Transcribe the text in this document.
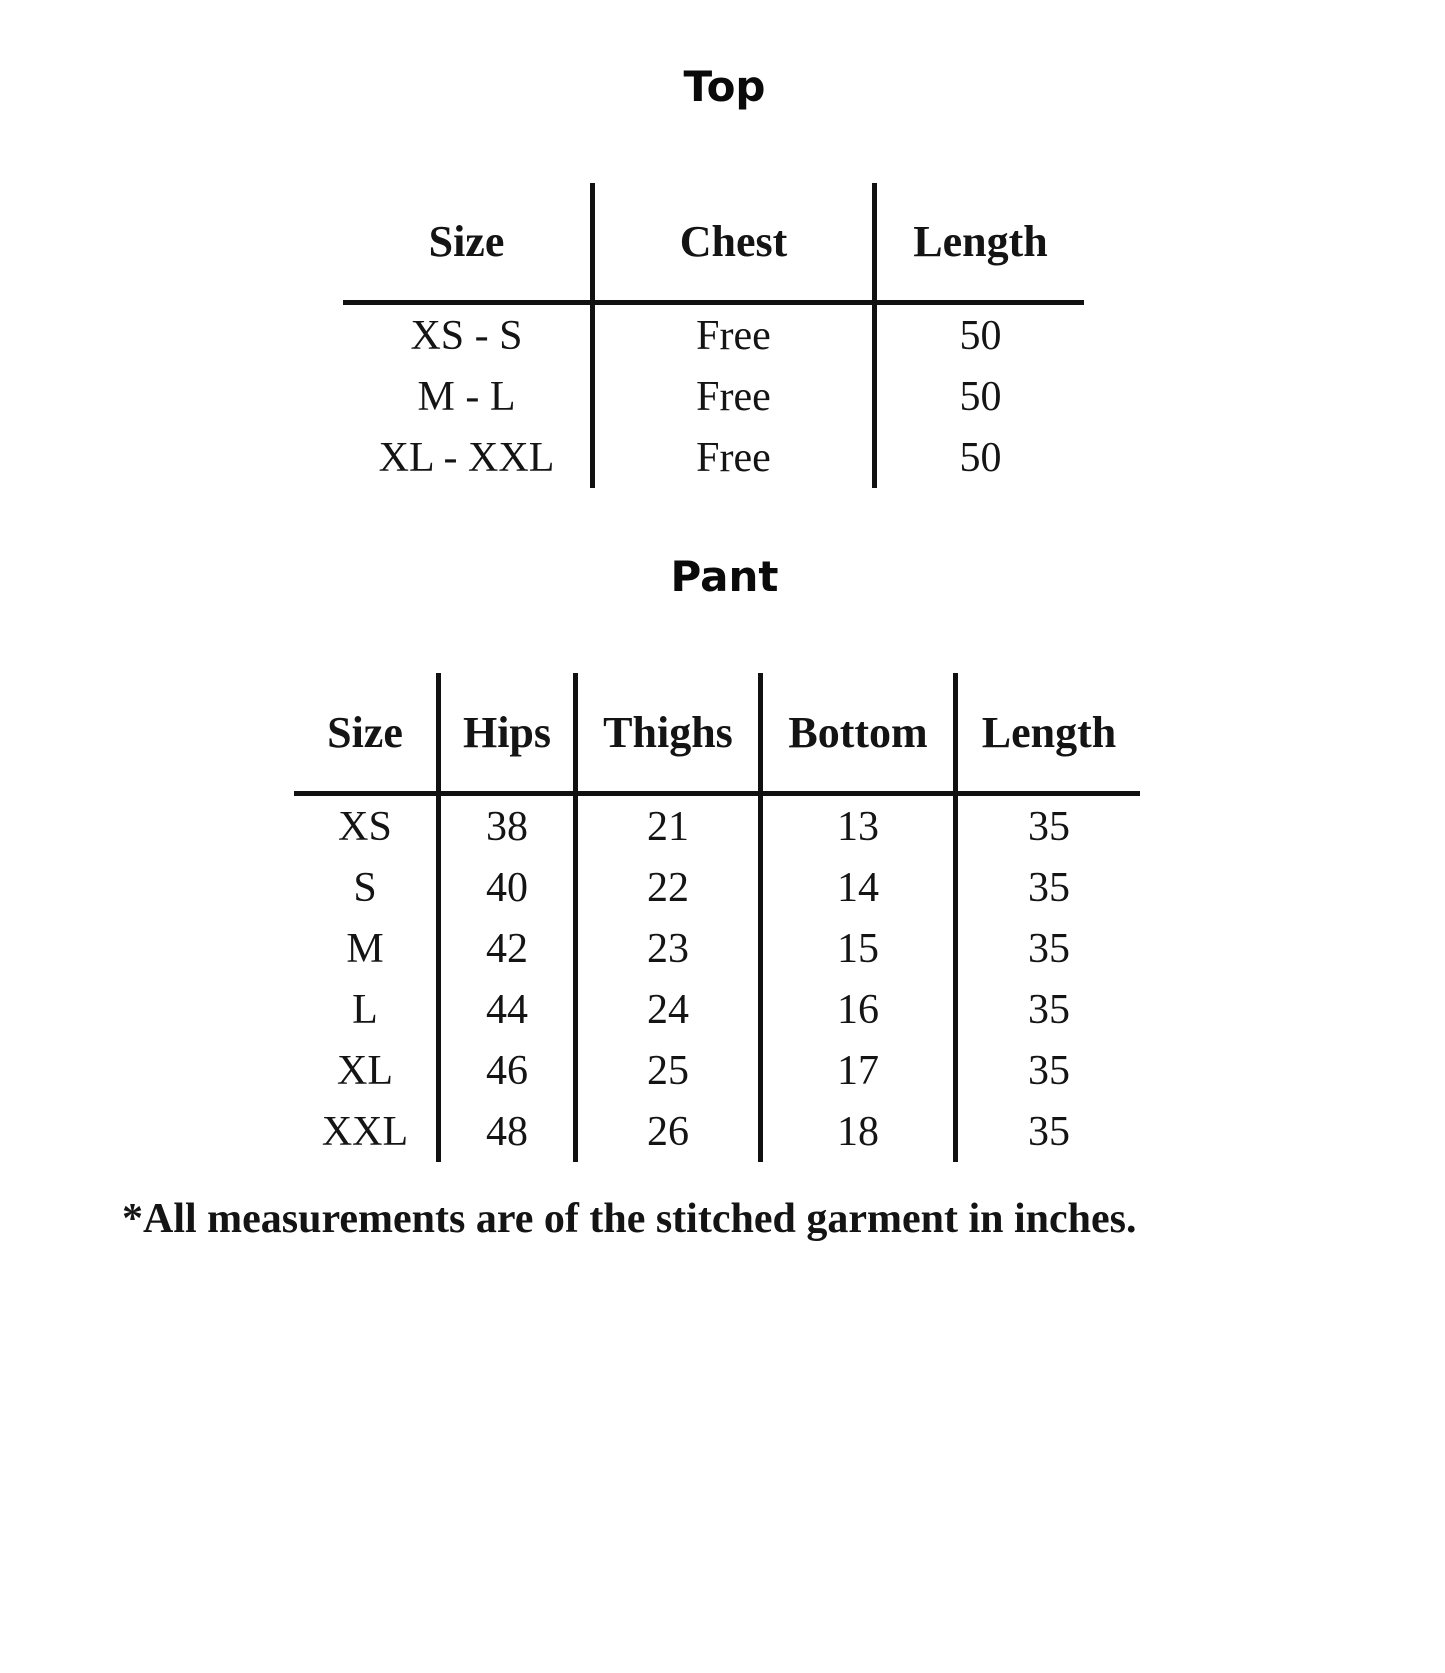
Top
Size	Chest	Length
XS - S	Free	50
M - L	Free	50
XL - XXL	Free	50
Pant
Size	Hips	Thighs	Bottom	Length
XS	38	21	13	35
S	40	22	14	35
M	42	23	15	35
L	44	24	16	35
XL	46	25	17	35
XXL	48	26	18	35
*All measurements are of the stitched garment in inches.
